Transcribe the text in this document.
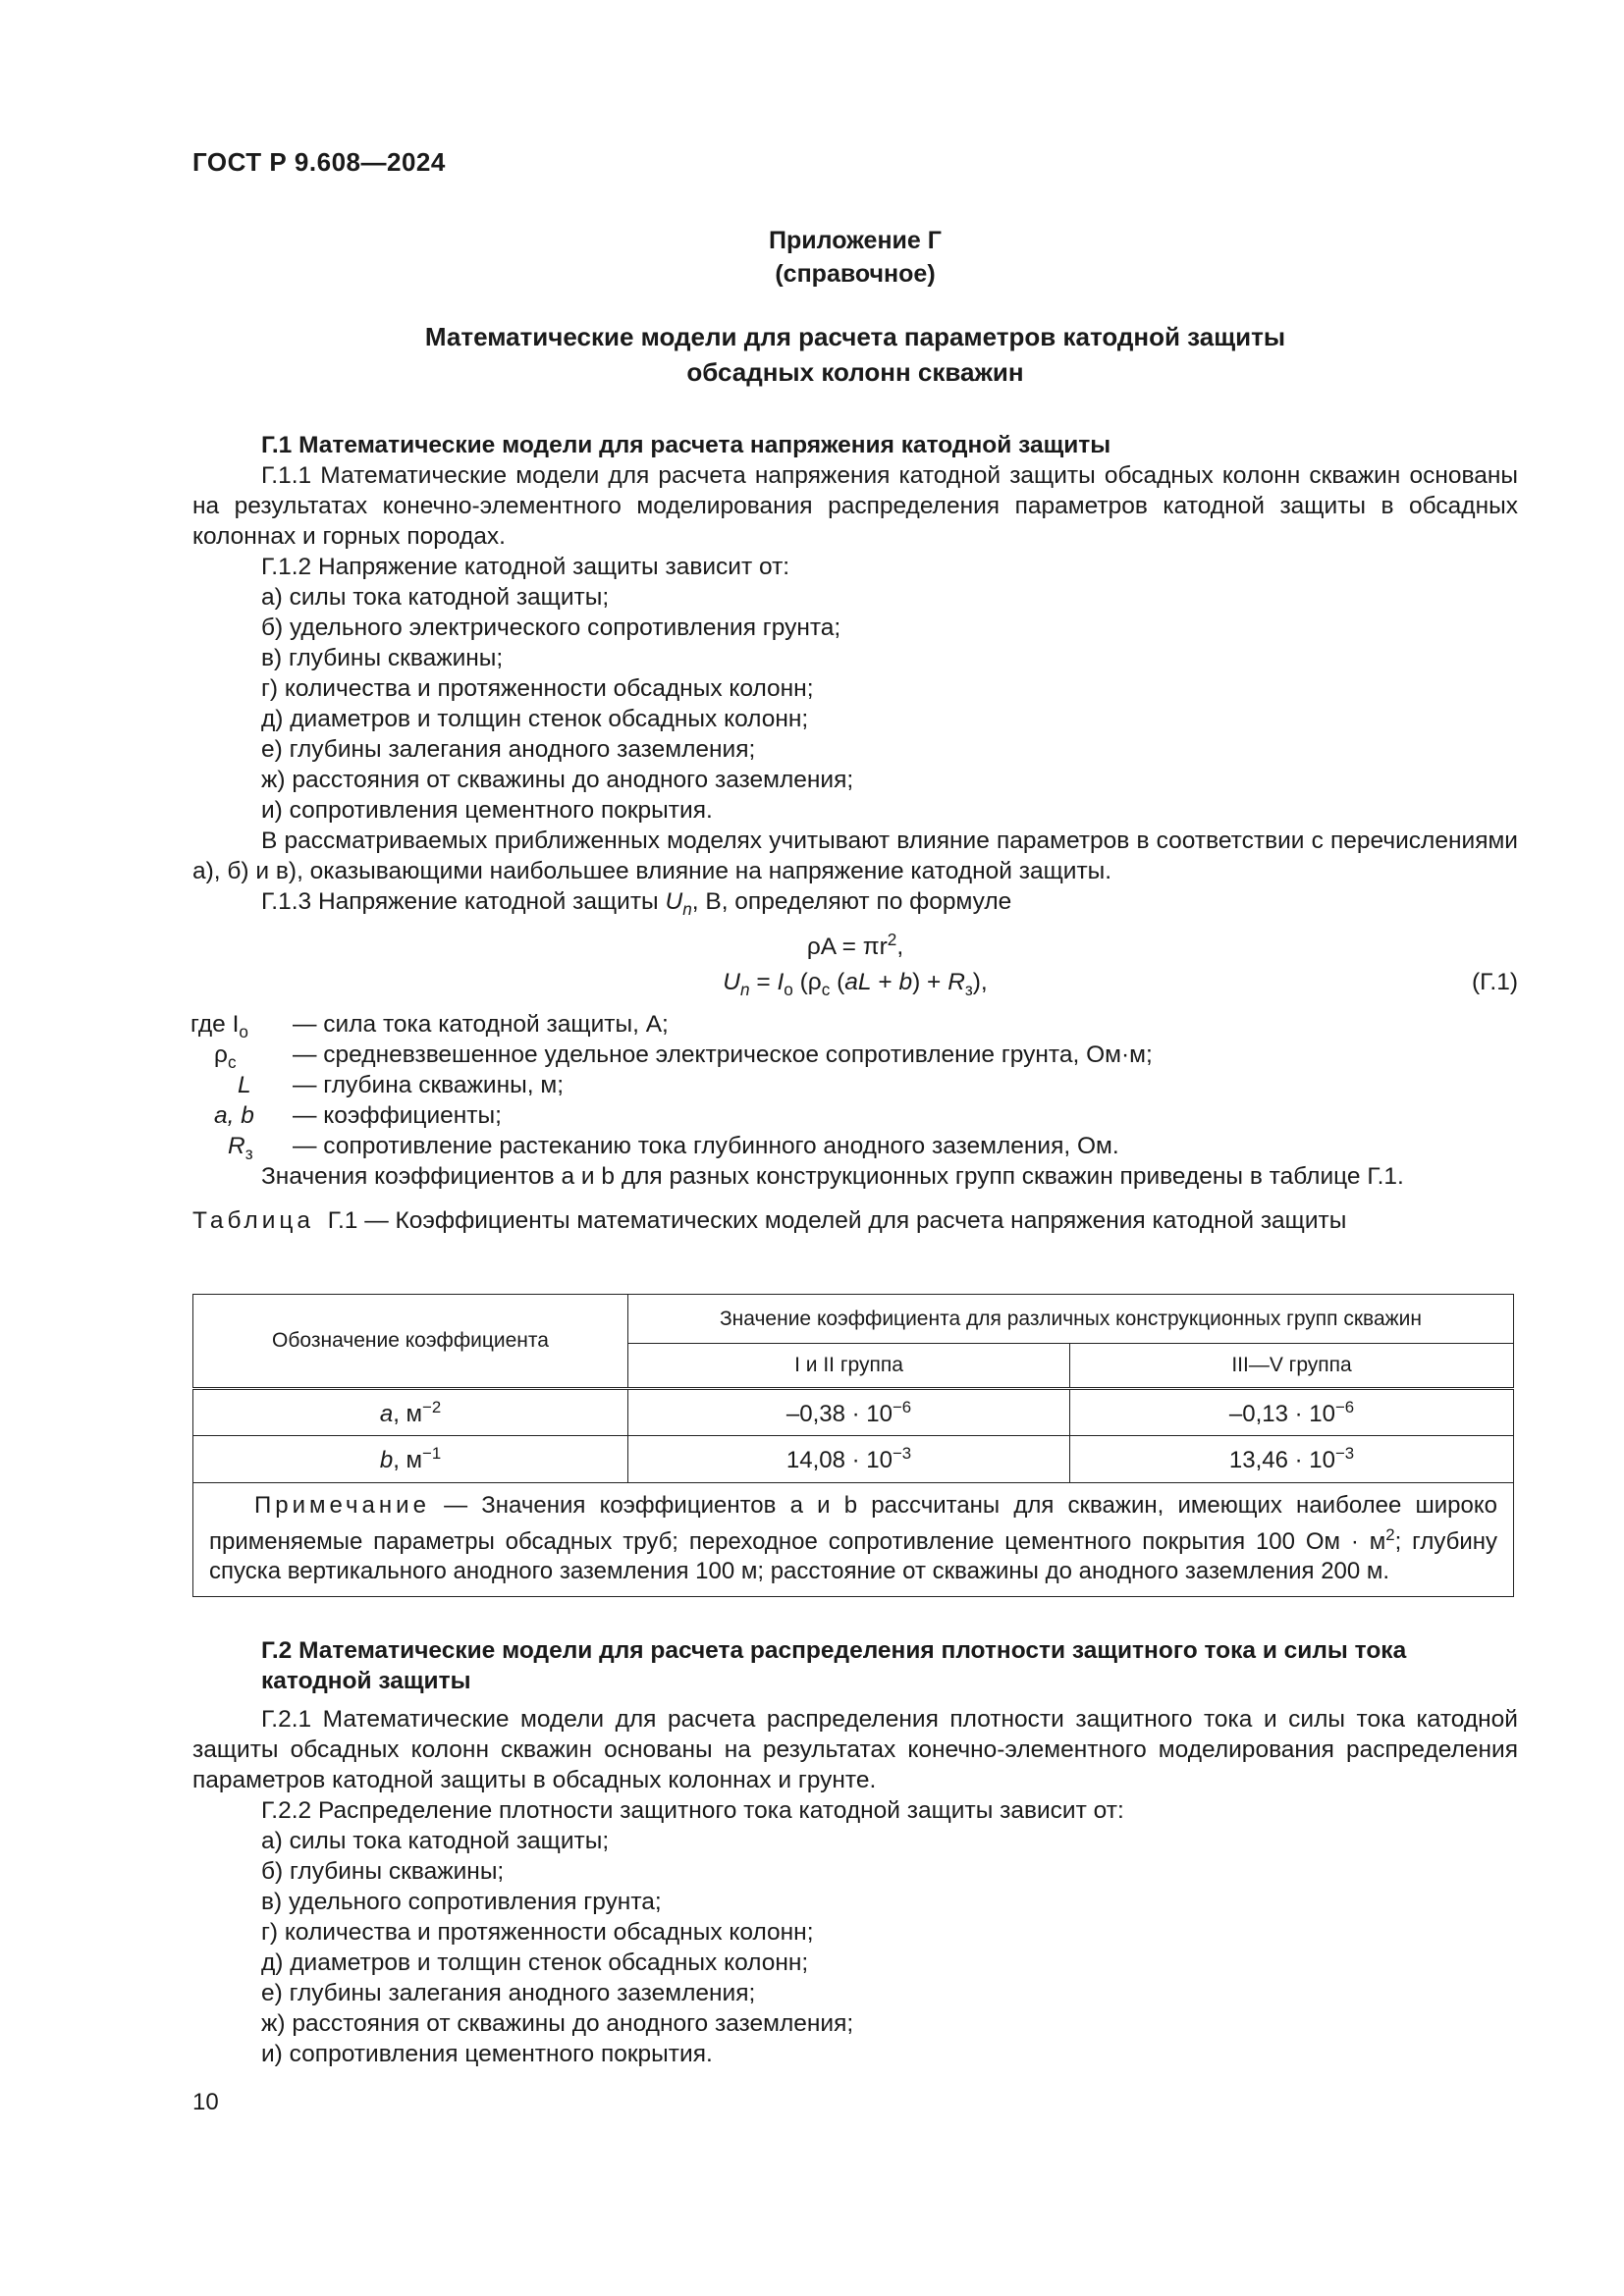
ГОСТ Р 9.608—2024
Приложение Г
(справочное)
Математические модели для расчета параметров катодной защиты
обсадных колонн скважин

Г.1 Математические модели для расчета напряжения катодной защиты

Г.1.1 Математические модели для расчета напряжения катодной защиты обсадных колонн скважин основаны на результатах конечно-элементного моделирования распределения параметров катодной защиты в обсадных колоннах и горных породах.

Г.1.2 Напряжение катодной защиты зависит от:

а) силы тока катодной защиты;

б) удельного электрического сопротивления грунта;

в) глубины скважины;

г) количества и протяженности обсадных колонн;

д) диаметров и толщин стенок обсадных колонн;

е) глубины залегания анодного заземления;

ж) расстояния от скважины до анодного заземления;

и) сопротивления цементного покрытия.

В рассматриваемых приближенных моделях учитывают влияние параметров в соответствии с перечислениями а), б) и в), оказывающими наибольшее влияние на напряжение катодной защиты.

Г.1.3 Напряжение катодной защиты $U_n$, В, определяют по формуле

$\rho A = \pi r^2$,
$U_n = I_o$ ($\rho_c$ $(aL + b) + R_з$),	(Г.1)
где $I_o$ — сила тока катодной защиты, А;
$\rho_c$ — средневзвешенное удельное электрическое сопротивление грунта, Ом·м;
L — глубина скважины, м;
a, b — коэффициенты;
$R_з$ — сопротивление растеканию тока глубинного анодного заземления, Ом.

Значения коэффициентов a и b для разных конструкционных групп скважин приведены в таблице Г.1.

Таблица Г.1 — Коэффициенты математических моделей для расчета напряжения катодной защиты

Обозначение коэффициента	Значение коэффициента для различных конструкционных групп скважин	
	I и II группа	III—V группа
a, $м^{-2}$	$-0,38 \cdot 10^{-6}$	$-0,13 \cdot 10^{-6}$
b, $м^{-1}$	$14,08 \cdot 10^{-3}$	$13,46 \cdot 10^{-3}$
Примечание — Значения коэффициентов a и b рассчитаны для скважин, имеющих наиболее широко применяемые параметры обсадных труб; переходное сопротивление цементного покрытия 100 Ом · $м^2$; глубину спуска вертикального анодного заземления 100 м; расстояние от скважины до анодного заземления 200 м.		

Г.2 Математические модели для расчета распределения плотности защитного тока и силы тока
катодной защиты

Г.2.1 Математические модели для расчета распределения плотности защитного тока и силы тока катодной защиты обсадных колонн скважин основаны на результатах конечно-элементного моделирования распределения параметров катодной защиты в обсадных колоннах и грунте.

Г.2.2 Распределение плотности защитного тока катодной защиты зависит от:

а) силы тока катодной защиты;

б) глубины скважины;

в) удельного сопротивления грунта;

г) количества и протяженности обсадных колонн;

д) диаметров и толщин стенок обсадных колонн;

е) глубины залегания анодного заземления;

ж) расстояния от скважины до анодного заземления;

и) сопротивления цементного покрытия.

10
